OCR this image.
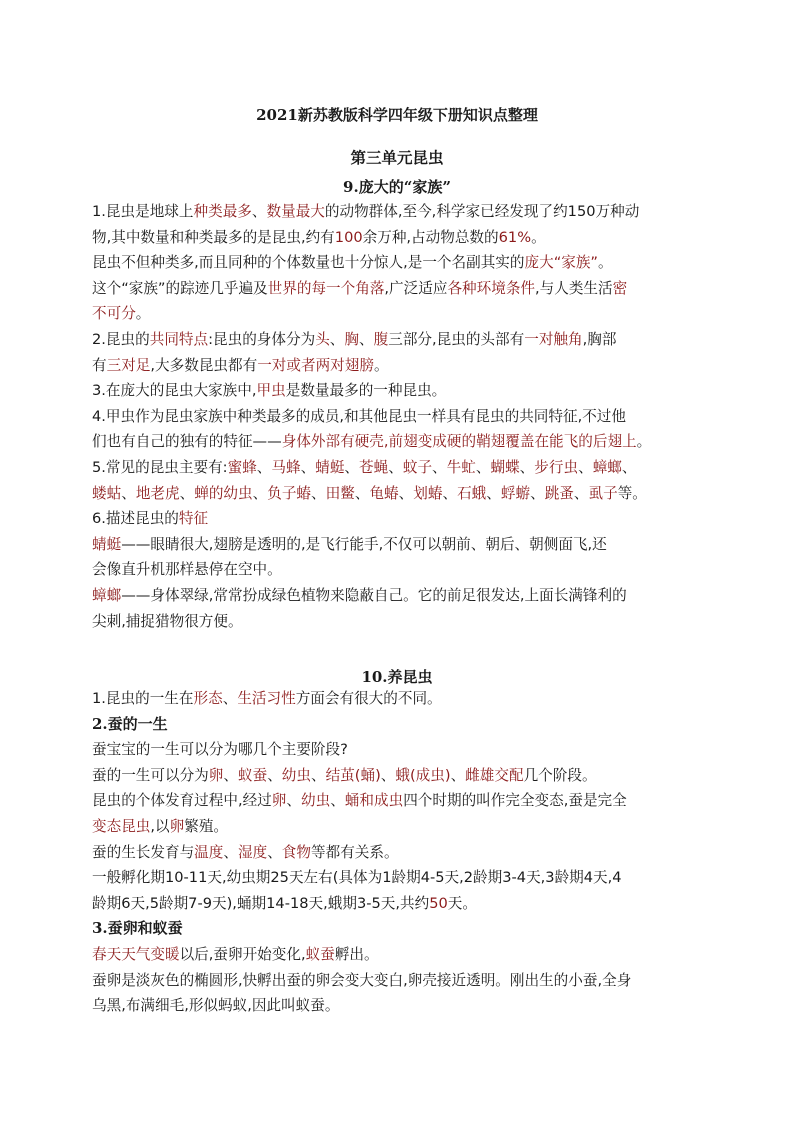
2021新苏教版科学四年级下册知识点整理
第三单元昆虫
9.庞大的“家族”

1.昆虫是地球上种类最多、数量最大的动物群体,至今,科学家已经发现了约150万种动

物,其中数量和种类最多的是昆虫,约有100余万种,占动物总数的61%。

昆虫不但种类多,而且同种的个体数量也十分惊人,是一个名副其实的庞大“家族”。

这个“家族”的踪迹几乎遍及世界的每一个角落,广泛适应各种环境条件,与人类生活密

不可分。

2.昆虫的共同特点:昆虫的身体分为头、胸、腹三部分,昆虫的头部有一对触角,胸部

有三对足,大多数昆虫都有一对或者两对翅膀。

3.在庞大的昆虫大家族中,甲虫是数量最多的一种昆虫。

4.甲虫作为昆虫家族中种类最多的成员,和其他昆虫一样具有昆虫的共同特征,不过他

们也有自己的独有的特征——身体外部有硬壳,前翅变成硬的鞘翅覆盖在能飞的后翅上。

5.常见的昆虫主要有:蜜蜂、马蜂、蜻蜓、苍蝇、蚊子、牛虻、蝴蝶、步行虫、蟑螂、

蝼蛄、地老虎、蝉的幼虫、负子蝽、田鳖、龟蝽、划蝽、石蛾、蜉蝣、跳蚤、虱子等。

6.描述昆虫的特征

蜻蜓——眼睛很大,翅膀是透明的,是飞行能手,不仅可以朝前、朝后、朝侧面飞,还

会像直升机那样悬停在空中。

蟑螂——身体翠绿,常常扮成绿色植物来隐蔽自己。它的前足很发达,上面长满锋利的

尖刺,捕捉猎物很方便。

10.养昆虫

1.昆虫的一生在形态、生活习性方面会有很大的不同。

2.蚕的一生

蚕宝宝的一生可以分为哪几个主要阶段?

蚕的一生可以分为卵、蚁蚕、幼虫、结茧(蛹)、蛾(成虫)、雌雄交配几个阶段。

昆虫的个体发育过程中,经过卵、幼虫、蛹和成虫四个时期的叫作完全变态,蚕是完全

变态昆虫,以卵繁殖。

蚕的生长发育与温度、湿度、食物等都有关系。

一般孵化期10-11天,幼虫期25天左右(具体为1龄期4-5天,2龄期3-4天,3龄期4天,4

龄期6天,5龄期7-9天),蛹期14-18天,蛾期3-5天,共约50天。

3.蚕卵和蚁蚕

春天天气变暖以后,蚕卵开始变化,蚁蚕孵出。

蚕卵是淡灰色的椭圆形,快孵出蚕的卵会变大变白,卵壳接近透明。刚出生的小蚕,全身

乌黑,布满细毛,形似蚂蚁,因此叫蚁蚕。
